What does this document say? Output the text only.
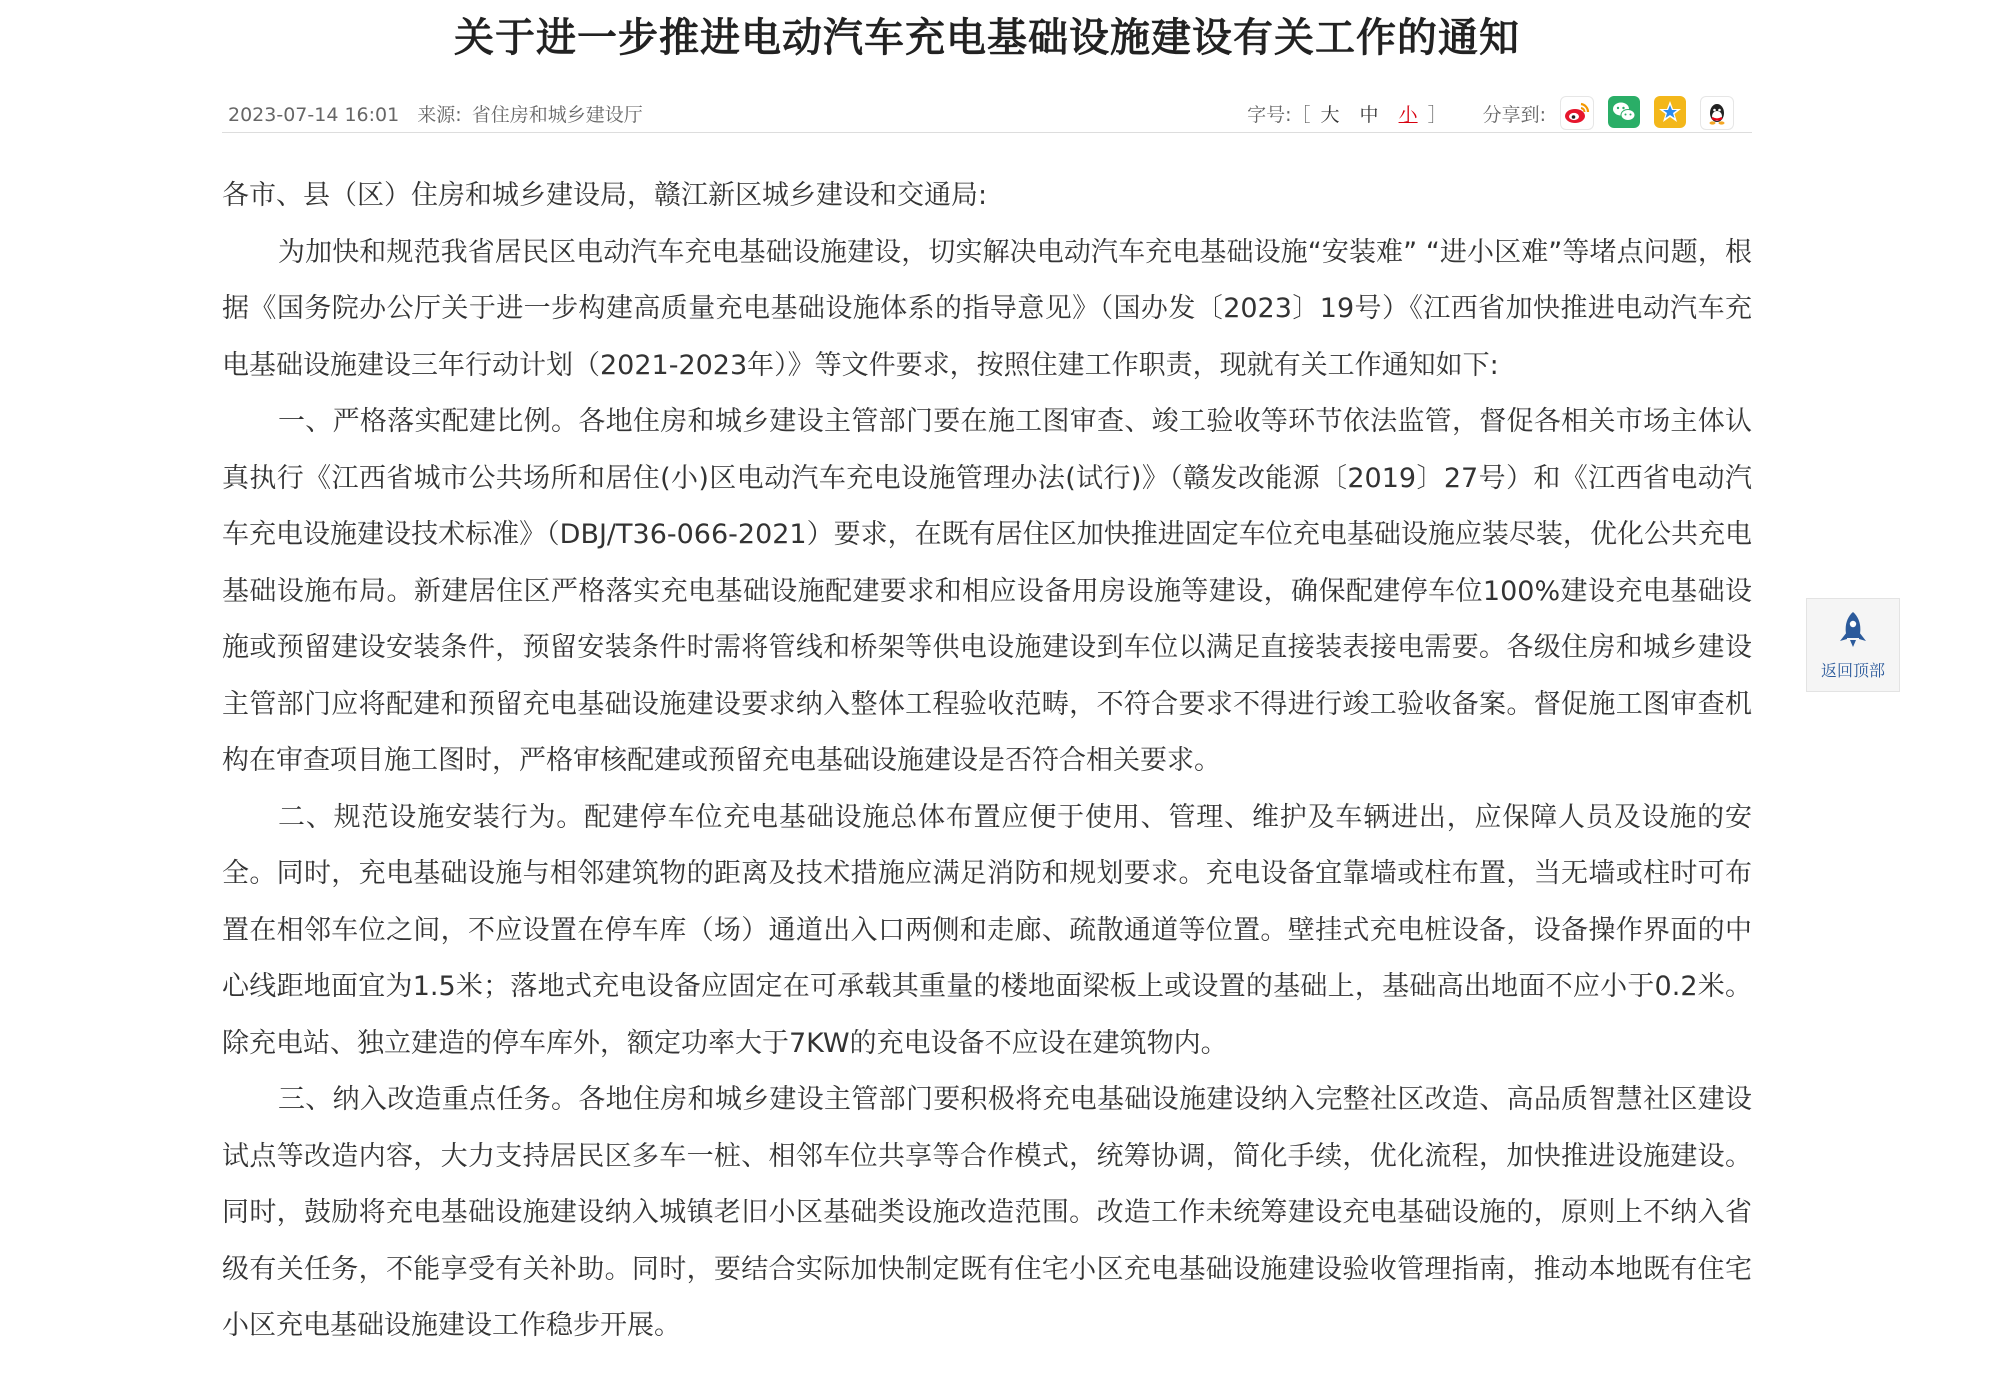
关于进一步推进电动汽车充电基础设施建设有关工作的通知
2023-07-14 16:01 来源: 省住房和城乡建设厅	字号:［ 大 中 小 ］ 分享到:

各市、县（区）住房和城乡建设局，赣江新区城乡建设和交通局:

为加快和规范我省居民区电动汽车充电基础设施建设，切实解决电动汽车充电基础设施“安装难” “进小区难”等堵点问题，根据《国务院办公厅关于进一步构建高质量充电基础设施体系的指导意见》（国办发〔2023〕19号）《江西省加快推进电动汽车充电基础设施建设三年行动计划（2021-2023年）》等文件要求，按照住建工作职责，现就有关工作通知如下:

一、严格落实配建比例。各地住房和城乡建设主管部门要在施工图审查、竣工验收等环节依法监管，督促各相关市场主体认真执行《江西省城市公共场所和居住(小)区电动汽车充电设施管理办法(试行)》（赣发改能源〔2019〕27号）和《江西省电动汽车充电设施建设技术标准》（DBJ/T36-066-2021）要求，在既有居住区加快推进固定车位充电基础设施应装尽装，优化公共充电基础设施布局。新建居住区严格落实充电基础设施配建要求和相应设备用房设施等建设，确保配建停车位100%建设充电基础设施或预留建设安装条件，预留安装条件时需将管线和桥架等供电设施建设到车位以满足直接装表接电需要。各级住房和城乡建设主管部门应将配建和预留充电基础设施建设要求纳入整体工程验收范畴，不符合要求不得进行竣工验收备案。督促施工图审查机构在审查项目施工图时，严格审核配建或预留充电基础设施建设是否符合相关要求。

二、规范设施安装行为。配建停车位充电基础设施总体布置应便于使用、管理、维护及车辆进出，应保障人员及设施的安全。同时，充电基础设施与相邻建筑物的距离及技术措施应满足消防和规划要求。充电设备宜靠墙或柱布置，当无墙或柱时可布置在相邻车位之间，不应设置在停车库（场）通道出入口两侧和走廊、疏散通道等位置。壁挂式充电桩设备，设备操作界面的中心线距地面宜为1.5米；落地式充电设备应固定在可承载其重量的楼地面梁板上或设置的基础上，基础高出地面不应小于0.2米。除充电站、独立建造的停车库外，额定功率大于7KW的充电设备不应设在建筑物内。

三、纳入改造重点任务。各地住房和城乡建设主管部门要积极将充电基础设施建设纳入完整社区改造、高品质智慧社区建设试点等改造内容，大力支持居民区多车一桩、相邻车位共享等合作模式，统筹协调，简化手续，优化流程，加快推进设施建设。同时，鼓励将充电基础设施建设纳入城镇老旧小区基础类设施改造范围。改造工作未统筹建设充电基础设施的，原则上不纳入省级有关任务，不能享受有关补助。同时，要结合实际加快制定既有住宅小区充电基础设施建设验收管理指南，推动本地既有住宅小区充电基础设施建设工作稳步开展。

返回顶部
